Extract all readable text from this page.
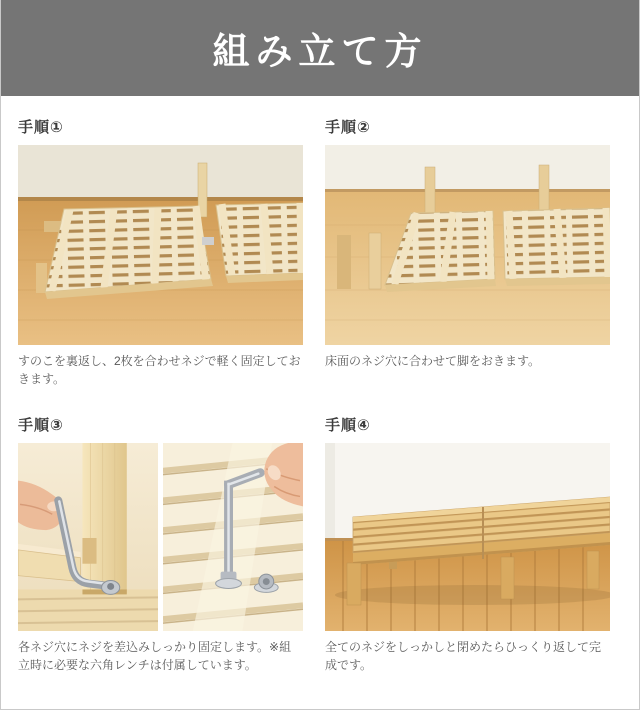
組み立て方
手順①	手順②
すのこを裏返し、2枚を合わせネジで軽く固定しておきます。
床面のネジ穴に合わせて脚をおきます。
手順③	手順④
各ネジ穴にネジを差込みしっかり固定します。※組立時に必要な六角レンチは付属しています。
全てのネジをしっかしと閉めたらひっくり返して完成です。
